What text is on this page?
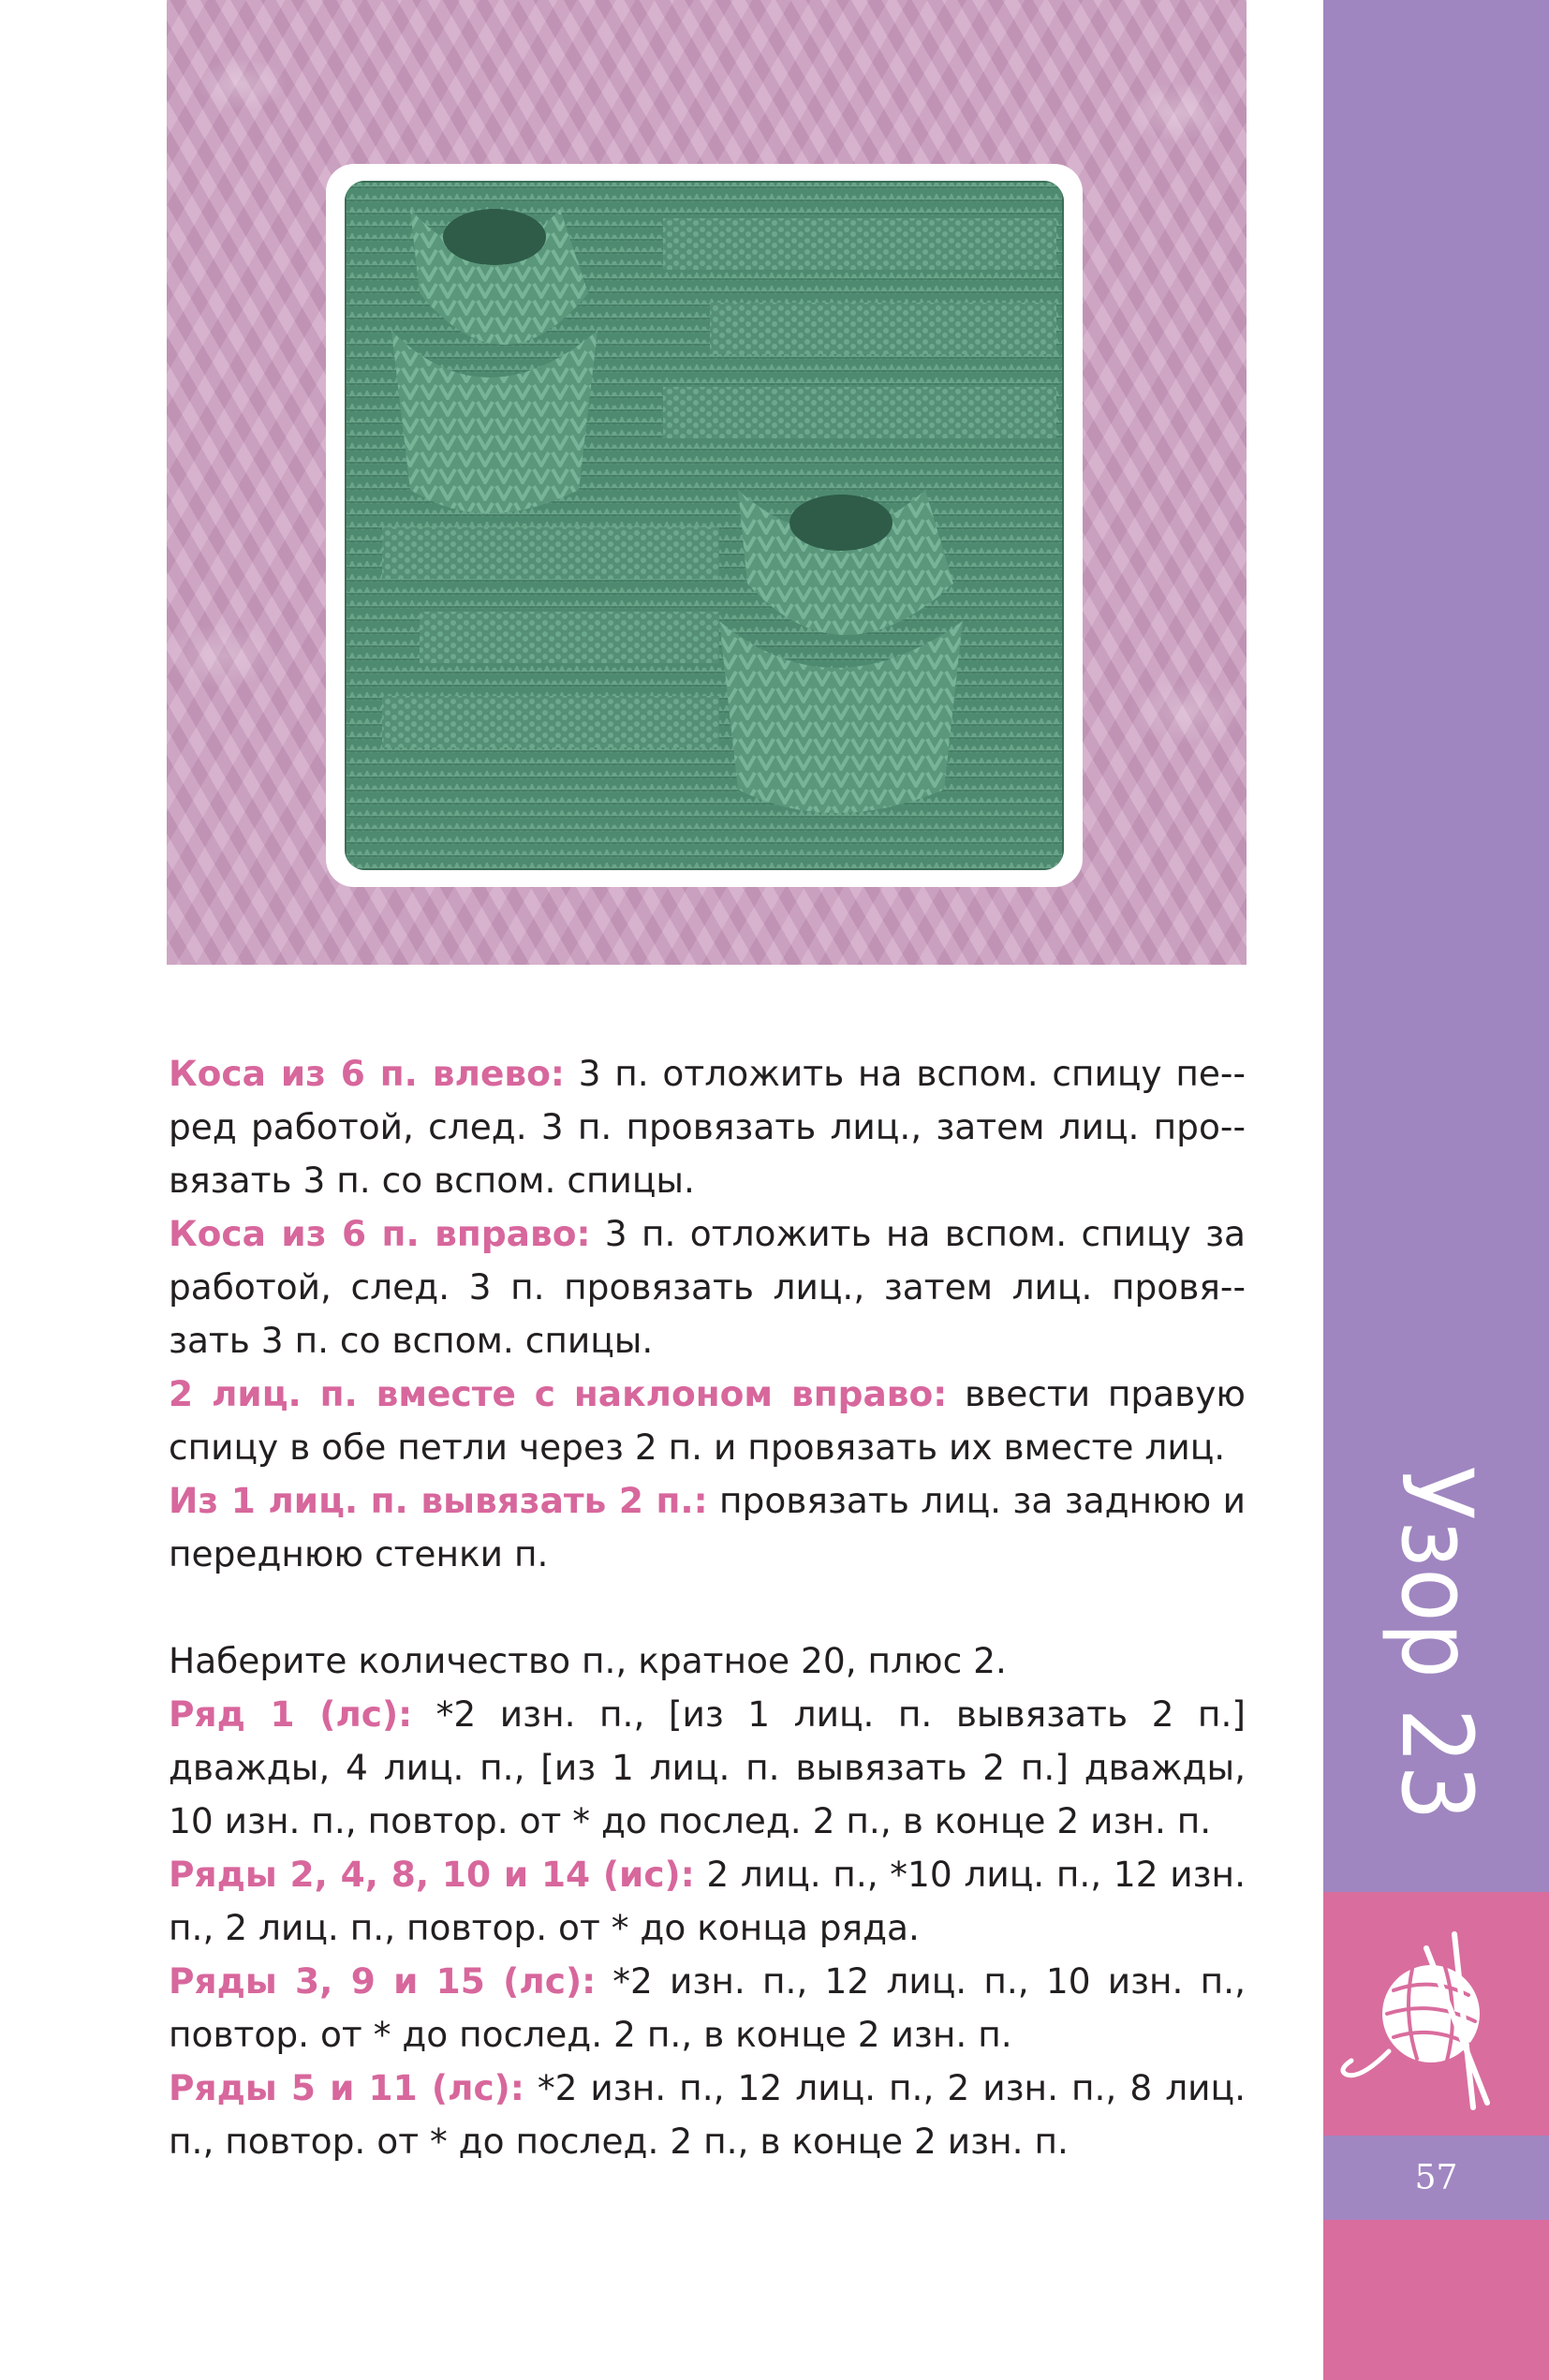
Коса из 6 п. влево: 3 п. отложить на вспом. спицу пе-ред работой, след. 3 п. провязать лиц., затем лиц. про-вязать 3 п. со вспом. спицы.

Коса из 6 п. вправо: 3 п. отложить на вспом. спицу за работой, след. 3 п. провязать лиц., затем лиц. провя-зать 3 п. со вспом. спицы.

2 лиц. п. вместе с наклоном вправо: ввести правую спицу в обе петли через 2 п. и провязать их вместе лиц.

Из 1 лиц. п. вывязать 2 п.: провязать лиц. за заднюю и переднюю стенки п.

Наберите количество п., кратное 20, плюс 2.

Ряд 1 (лс): *2 изн. п., [из 1 лиц. п. вывязать 2 п.] дважды, 4 лиц. п., [из 1 лиц. п. вывязать 2 п.] дважды, 10 изн. п., повтор. от * до послед. 2 п., в конце 2 изн. п.

Ряды 2, 4, 8, 10 и 14 (ис): 2 лиц. п., *10 лиц. п., 12 изн. п., 2 лиц. п., повтор. от * до конца ряда.

Ряды 3, 9 и 15 (лс): *2 изн. п., 12 лиц. п., 10 изн. п., повтор. от * до послед. 2 п., в конце 2 изн. п.

Ряды 5 и 11 (лс): *2 изн. п., 12 лиц. п., 2 изн. п., 8 лиц. п., повтор. от * до послед. 2 п., в конце 2 изн. п.

Узор 23
57
